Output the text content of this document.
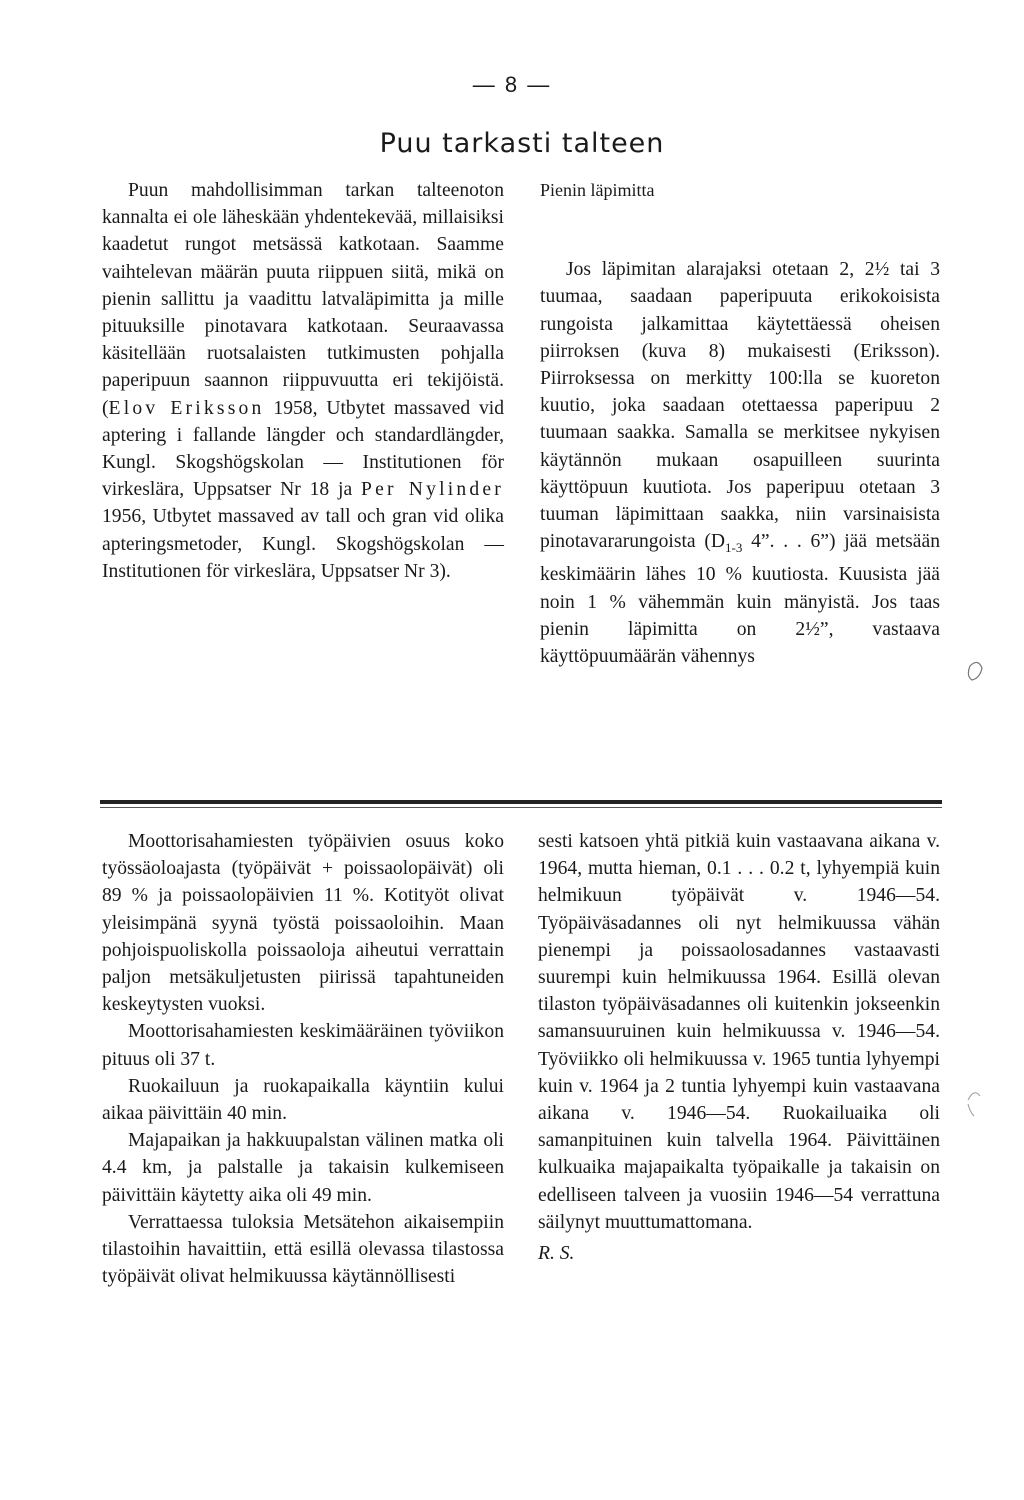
— 8 —
Puu tarkasti talteen

Puun mahdollisimman tarkan talteenoton kannalta ei ole läheskään yhdentekevää, millaisiksi kaadetut rungot metsässä katkotaan. Saamme vaihtelevan määrän puuta riippuen siitä, mikä on pienin sallittu ja vaadittu latvaläpimitta ja mille pituuksille pinotavara katkotaan. Seuraavassa käsitellään ruotsalaisten tutkimusten pohjalla paperipuun saannon riippuvuutta eri tekijöistä. (Elov Eriksson 1958, Utbytet massaved vid aptering i fallande längder och standardlängder, Kungl. Skogshögskolan — Institutionen för virkeslära, Uppsatser Nr 18 ja Per Nylinder 1956, Utbytet massaved av tall och gran vid olika apteringsmetoder, Kungl. Skogshögskolan — Institutionen för virkeslära, Uppsatser Nr 3).

Pienin läpimitta

Jos läpimitan alarajaksi otetaan 2, 2½ tai 3 tuumaa, saadaan paperipuuta erikokoisista rungoista jalkamittaa käytettäessä oheisen piirroksen (kuva 8) mukaisesti (Eriksson). Piirroksessa on merkitty 100:lla se kuoreton kuutio, joka saadaan otettaessa paperipuu 2 tuumaan saakka. Samalla se merkitsee nykyisen käytännön mukaan osapuilleen suurinta käyttöpuun kuutiota. Jos paperipuu otetaan 3 tuuman läpimittaan saakka, niin varsinaisista pinotavararungoista ($D_{1-3}$ 4”. . . 6”) jää metsään keskimäärin lähes 10 % kuutiosta. Kuusista jää noin 1 % vähemmän kuin mänyistä. Jos taas pienin läpimitta on 2½”, vastaava käyttöpuumäärän vähennys

Moottorisahamiesten työpäivien osuus koko työssäoloajasta (työpäivät + poissaolopäivät) oli 89 % ja poissaolopäivien 11 %. Kotityöt olivat yleisimpänä syynä työstä poissaoloihin. Maan pohjoispuoliskolla poissaoloja aiheutui verrattain paljon metsäkuljetusten piirissä tapahtuneiden keskeytysten vuoksi.

Moottorisahamiesten keskimääräinen työviikon pituus oli 37 t.

Ruokailuun ja ruokapaikalla käyntiin kului aikaa päivittäin 40 min.

Majapaikan ja hakkuupalstan välinen matka oli 4.4 km, ja palstalle ja takaisin kulkemiseen päivittäin käytetty aika oli 49 min.

Verrattaessa tuloksia Metsätehon aikaisempiin tilastoihin havaittiin, että esillä olevassa tilastossa työpäivät olivat helmikuussa käytännöllisesti

sesti katsoen yhtä pitkiä kuin vastaavana aikana v. 1964, mutta hieman, 0.1 . . . 0.2 t, lyhyempiä kuin helmikuun työpäivät v. 1946—54. Työpäiväsadannes oli nyt helmikuussa vähän pienempi ja poissaolosadannes vastaavasti suurempi kuin helmikuussa 1964. Esillä olevan tilaston työpäiväsadannes oli kuitenkin jokseenkin samansuuruinen kuin helmikuussa v. 1946—54. Työviikko oli helmikuussa v. 1965 tuntia lyhyempi kuin v. 1964 ja 2 tuntia lyhyempi kuin vastaavana aikana v. 1946—54. Ruokailuaika oli samanpituinen kuin talvella 1964. Päivittäinen kulkuaika majapaikalta työpaikalle ja takaisin on edelliseen talveen ja vuosiin 1946—54 verrattuna säilynyt muuttumattomana.

R. S.
